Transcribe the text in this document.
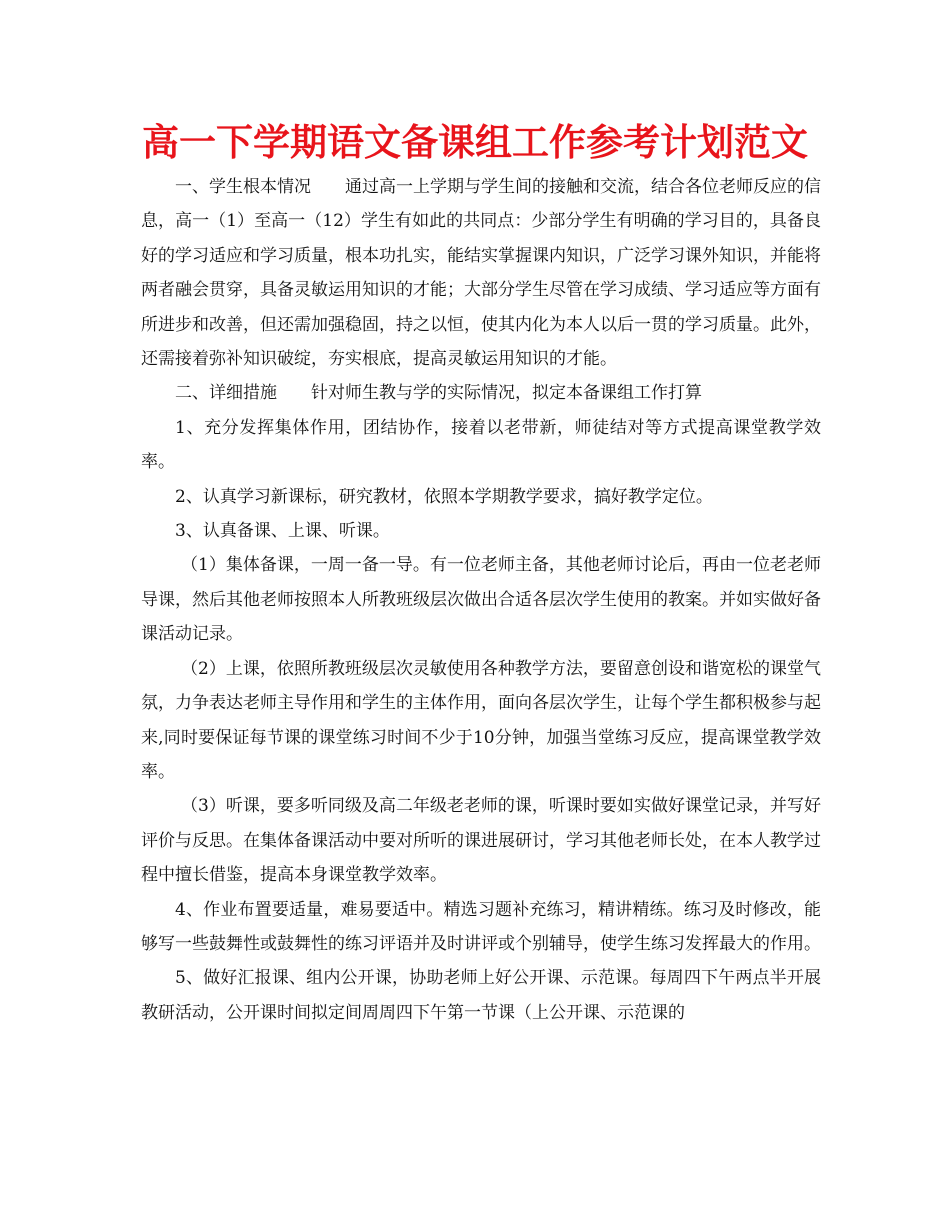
高一下学期语文备课组工作参考计划范文

一、学生根本情况 通过高一上学期与学生间的接触和交流，结合各位老师反应的信息，高一（1）至高一（12）学生有如此的共同点：少部分学生有明确的学习目的，具备良好的学习适应和学习质量，根本功扎实，能结实掌握课内知识，广泛学习课外知识，并能将两者融会贯穿，具备灵敏运用知识的才能；大部分学生尽管在学习成绩、学习适应等方面有所进步和改善，但还需加强稳固，持之以恒，使其内化为本人以后一贯的学习质量。此外，还需接着弥补知识破绽，夯实根底，提高灵敏运用知识的才能。

二、详细措施 针对师生教与学的实际情况，拟定本备课组工作打算

1、充分发挥集体作用，团结协作，接着以老带新，师徒结对等方式提高课堂教学效率。

2、认真学习新课标，研究教材，依照本学期教学要求，搞好教学定位。

3、认真备课、上课、听课。

（1）集体备课，一周一备一导。有一位老师主备，其他老师讨论后，再由一位老老师导课，然后其他老师按照本人所教班级层次做出合适各层次学生使用的教案。并如实做好备课活动记录。

（2）上课，依照所教班级层次灵敏使用各种教学方法，要留意创设和谐宽松的课堂气氛，力争表达老师主导作用和学生的主体作用，面向各层次学生，让每个学生都积极参与起来,同时要保证每节课的课堂练习时间不少于10分钟，加强当堂练习反应，提高课堂教学效率。

（3）听课，要多听同级及高二年级老老师的课，听课时要如实做好课堂记录，并写好评价与反思。在集体备课活动中要对所听的课进展研讨，学习其他老师长处，在本人教学过程中擅长借鉴，提高本身课堂教学效率。

4、作业布置要适量，难易要适中。精选习题补充练习，精讲精练。练习及时修改，能够写一些鼓舞性或鼓舞性的练习评语并及时讲评或个别辅导，使学生练习发挥最大的作用。

5、做好汇报课、组内公开课，协助老师上好公开课、示范课。每周四下午两点半开展教研活动，公开课时间拟定间周周四下午第一节课（上公开课、示范课的
